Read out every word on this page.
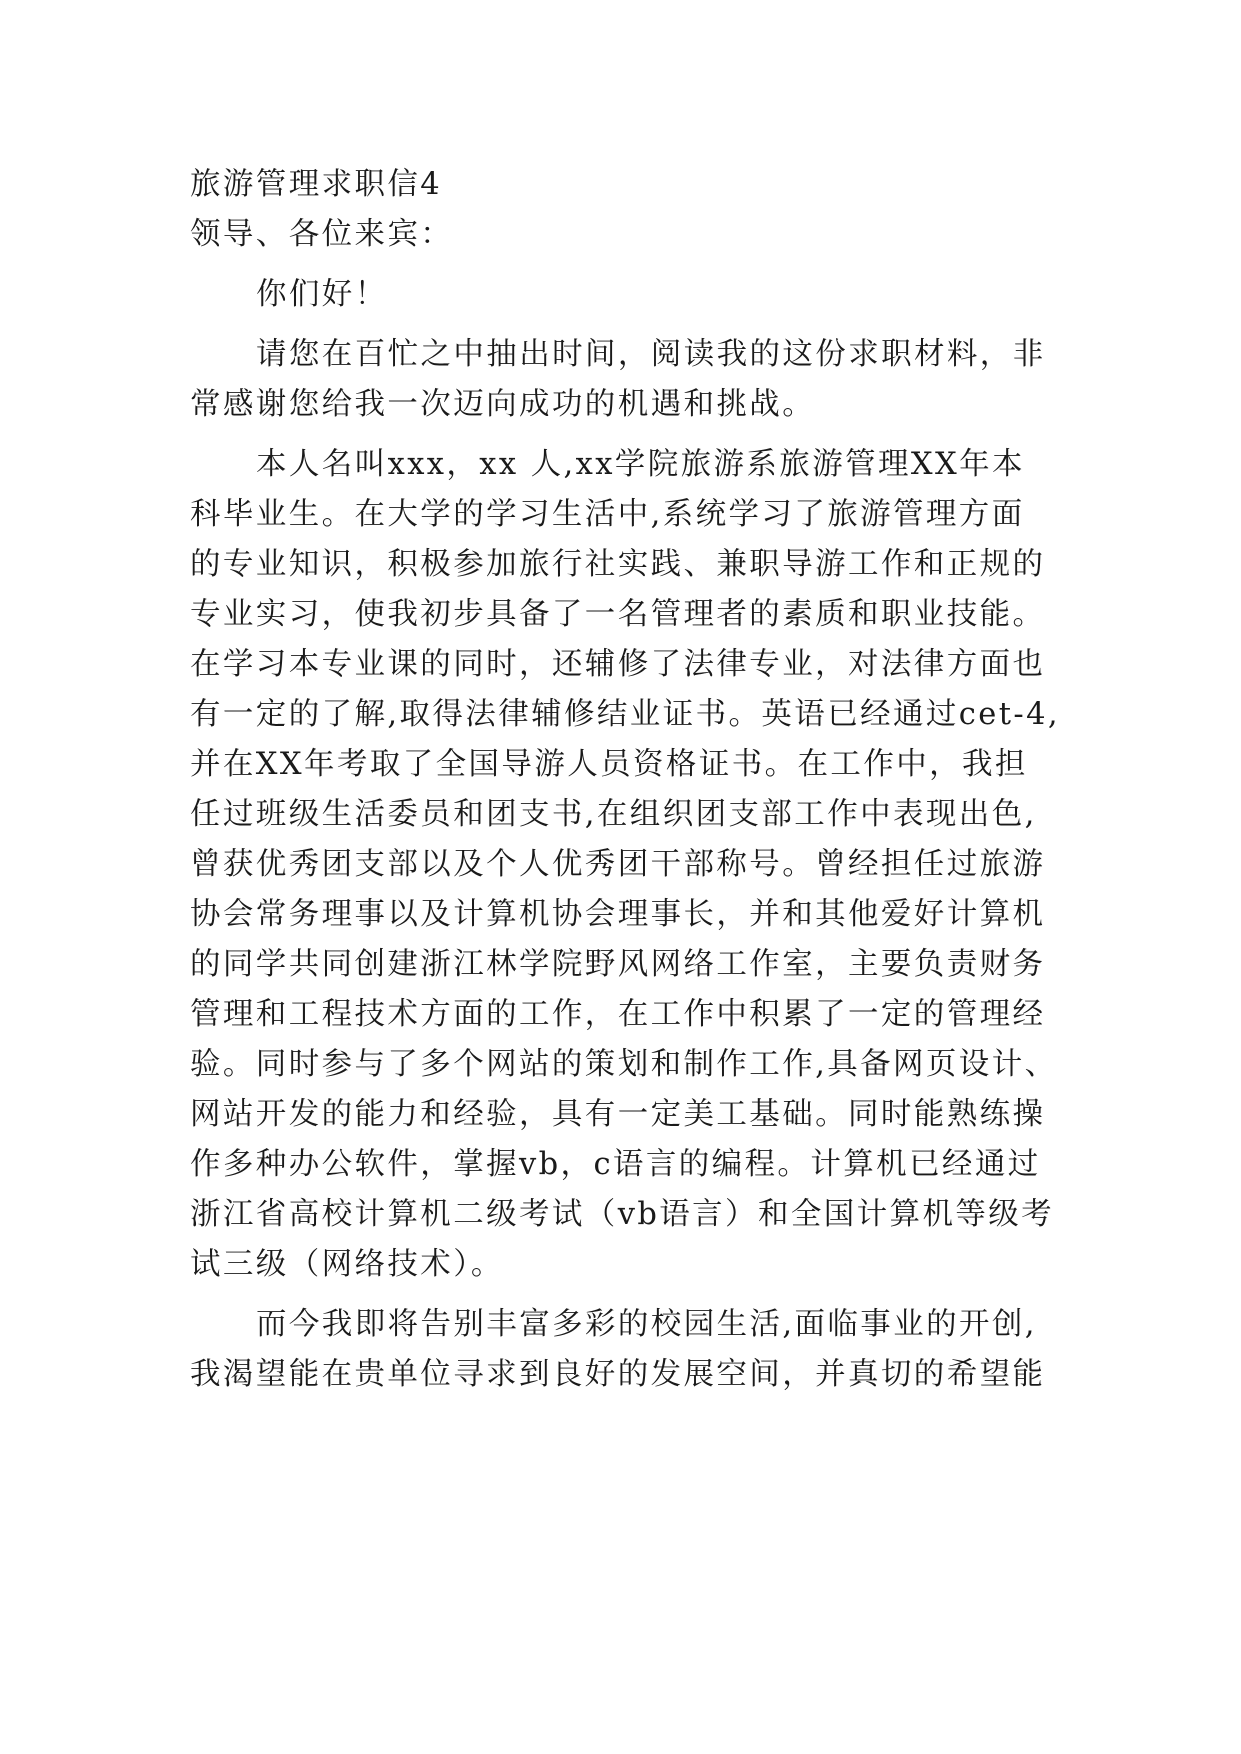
旅游管理求职信4
领导、各位来宾：
你们好！
请您在百忙之中抽出时间，阅读我的这份求职材料，非
常感谢您给我一次迈向成功的机遇和挑战。
本人名叫xxx，xx 人,xx学院旅游系旅游管理XX年本
科毕业生。在大学的学习生活中,系统学习了旅游管理方面
的专业知识，积极参加旅行社实践、兼职导游工作和正规的
专业实习，使我初步具备了一名管理者的素质和职业技能。
在学习本专业课的同时，还辅修了法律专业，对法律方面也
有一定的了解,取得法律辅修结业证书。英语已经通过cet-4,
并在XX年考取了全国导游人员资格证书。在工作中，我担
任过班级生活委员和团支书,在组织团支部工作中表现出色,
曾获优秀团支部以及个人优秀团干部称号。曾经担任过旅游
协会常务理事以及计算机协会理事长，并和其他爱好计算机
的同学共同创建浙江林学院野风网络工作室，主要负责财务
管理和工程技术方面的工作，在工作中积累了一定的管理经
验。同时参与了多个网站的策划和制作工作,具备网页设计、
网站开发的能力和经验，具有一定美工基础。同时能熟练操
作多种办公软件，掌握vb，c语言的编程。计算机已经通过
浙江省高校计算机二级考试（vb语言）和全国计算机等级考
试三级（网络技术）。
而今我即将告别丰富多彩的校园生活,面临事业的开创,
我渴望能在贵单位寻求到良好的发展空间，并真切的希望能
